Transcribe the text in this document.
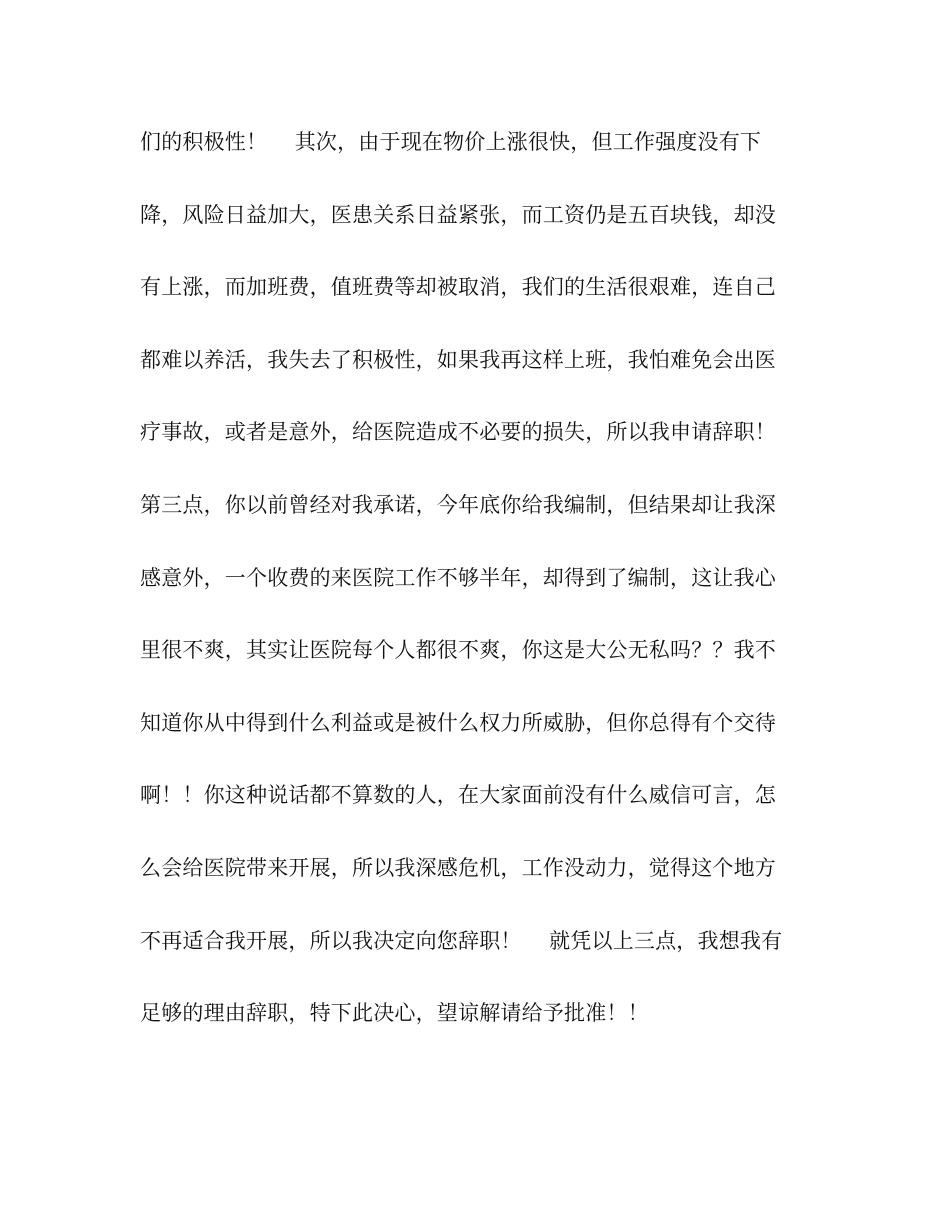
们的积极性！    其次，由于现在物价上涨很快，但工作强度没有下
降，风险日益加大，医患关系日益紧张，而工资仍是五百块钱，却没
有上涨，而加班费，值班费等却被取消，我们的生活很艰难，连自己
都难以养活，我失去了积极性，如果我再这样上班，我怕难免会出医
疗事故，或者是意外，给医院造成不必要的损失，所以我申请辞职！
第三点，你以前曾经对我承诺，今年底你给我编制，但结果却让我深
感意外，一个收费的来医院工作不够半年，却得到了编制，这让我心
里很不爽，其实让医院每个人都很不爽，你这是大公无私吗？？我不
知道你从中得到什么利益或是被什么权力所威胁，但你总得有个交待
啊！！你这种说话都不算数的人，在大家面前没有什么威信可言，怎
么会给医院带来开展，所以我深感危机，工作没动力，觉得这个地方
不再适合我开展，所以我决定向您辞职！    就凭以上三点，我想我有
足够的理由辞职，特下此决心，望谅解请给予批准！！
